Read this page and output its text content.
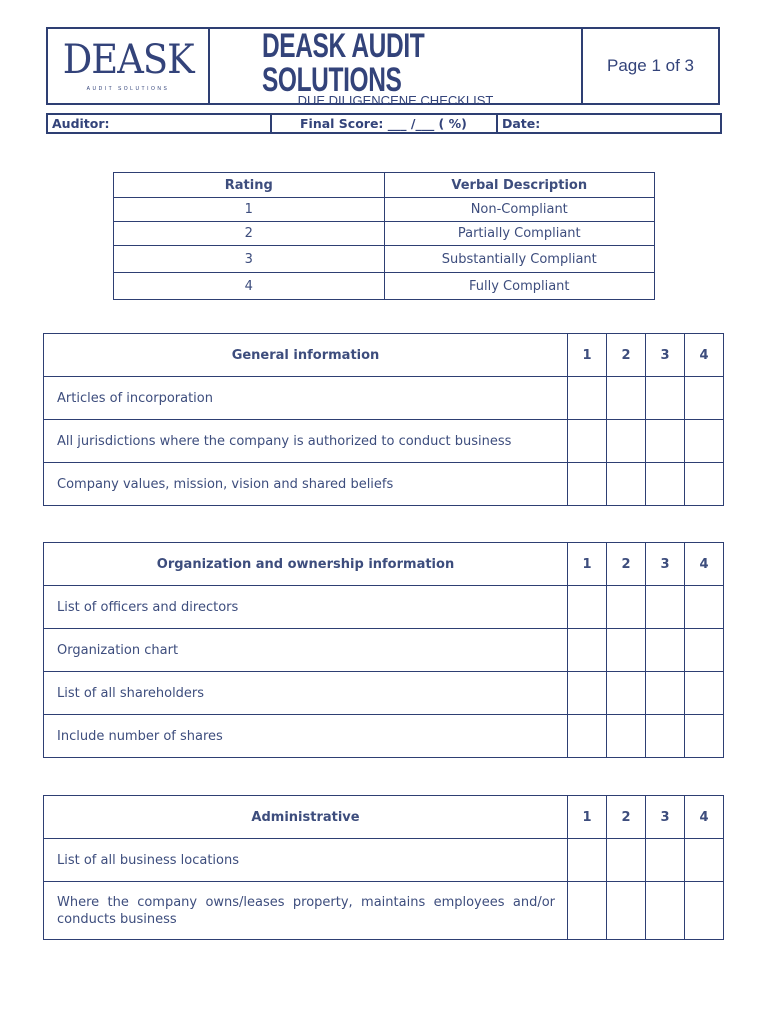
DEASK
AUDIT SOLUTIONS
DEASK AUDIT SOLUTIONS
DUE DILIGENCENE CHECKLIST
Page 1 of 3
Auditor:	Final Score: ___ /___ ( %)	Date:
Rating	Verbal Description
1	Non-Compliant
2	Partially Compliant
3	Substantially Compliant
4	Fully Compliant
General information	1	2	3	4
Articles of incorporation				
All jurisdictions where the company is authorized to conduct business				
Company values, mission, vision and shared beliefs				
Organization and ownership information	1	2	3	4
List of officers and directors				
Organization chart				
List of all shareholders				
Include number of shares				
Administrative	1	2	3	4
List of all business locations				
Where the company owns/leases property, maintains employees and/or conducts business				
